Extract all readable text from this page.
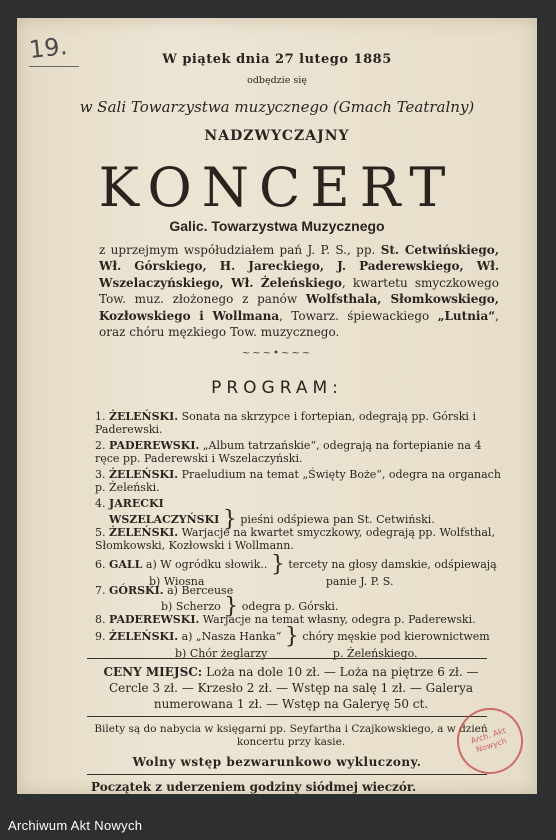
19.	W piątek dnia 27 lutego 1885
odbędzie się
w Sali Towarzystwa muzycznego (Gmach Teatralny)
NADZWYCZAJNY
KONCERT
Galic. Towarzystwa Muzycznego
z uprzejmym współudziałem pań J. P. S., pp. St. Cetwińskiego, Wł. Górskiego, H. Jareckiego, J. Paderewskiego, Wł. Wszelaczyńskiego, Wł. Żeleńskiego, kwartetu smyczkowego Tow. muz. złożonego z panów Wolfsthala, Słomkowskiego, Kozłowskiego i Wollmana, Towarz. śpiewackiego „Lutnia“, oraz chóru męzkiego Tow. muzycznego.
~~~•~~~
PROGRAM:
1. ŻELEŃSKI. Sonata na skrzypce i fortepian, odegrają pp. Górski i Paderewski.
2. PADEREWSKI. „Album tatrzańskie“, odegrają na fortepianie na 4 ręce pp. Paderewski i Wszelaczyński.
3. ŻELEŃSKI. Praeludium na temat „Święty Boże“, odegra na organach p. Żeleński.
4. JARECKI
WSZELACZYŃSKI } pieśni odśpiewa pan St. Cetwiński.
5. ŻELEŃSKI. Warjacje na kwartet smyczkowy, odegrają pp. Wolfsthal, Słomkowski, Kozłowski i Wollmann.
6. GALL a) W ogródku słowik.. } tercety na głosy damskie, odśpiewają
b) Wiosna	panie J. P. S.
7. GÓRSKI. a) Berceuse
b) Scherzo } odegra p. Górski.
8. PADEREWSKI. Warjacje na temat własny, odegra p. Paderewski.
9. ŻELEŃSKI. a) „Nasza Hanka“ } chóry męskie pod kierownictwem
b) Chór żeglarzy	p. Żeleńskiego.
CENY MIEJSC: Loża na dole 10 zł. — Loża na piętrze 6 zł. — Cercle 3 zł. — Krzesło 2 zł. — Wstęp na salę 1 zł. — Galerya numerowana 1 zł. — Wstęp na Galeryę 50 ct.
Bilety są do nabycia w księgarni pp. Seyfartha i Czajkowskiego, a w dzień koncertu przy kasie.
Wolny wstęp bezwarunkowo wykluczony.
Początek z uderzeniem godziny siódmej wieczór.
Arch. Akt Nowych
Archiwum Akt Nowych
